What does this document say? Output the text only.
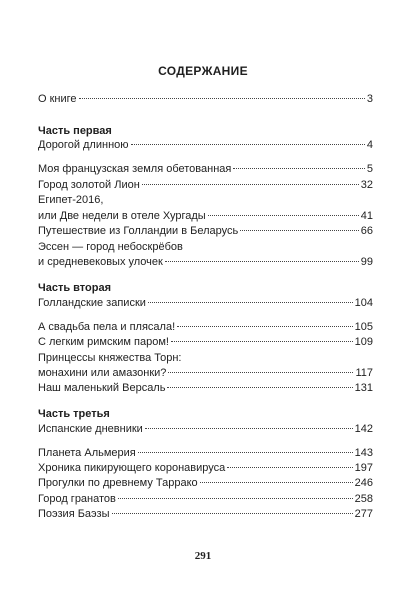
СОДЕРЖАНИЕ
О книге	3
Часть первая
Дорогой длинною	4
Моя французская земля обетованная	5
Город золотой Лион	32
Египет-2016,
или Две недели в отеле Хургады	41
Путешествие из Голландии в Беларусь	66
Эссен — город небоскрёбов
и средневековых улочек	99
Часть вторая
Голландские записки	104
А свадьба пела и плясала!	105
С легким римским паром!	109
Принцессы княжества Торн:
монахини или амазонки?	117
Наш маленький Версаль	131
Часть третья
Испанские дневники	142
Планета Альмерия	143
Хроника пикирующего коронавируса	197
Прогулки по древнему Таррако	246
Город гранатов	258
Поэзия Баэзы	277
291
